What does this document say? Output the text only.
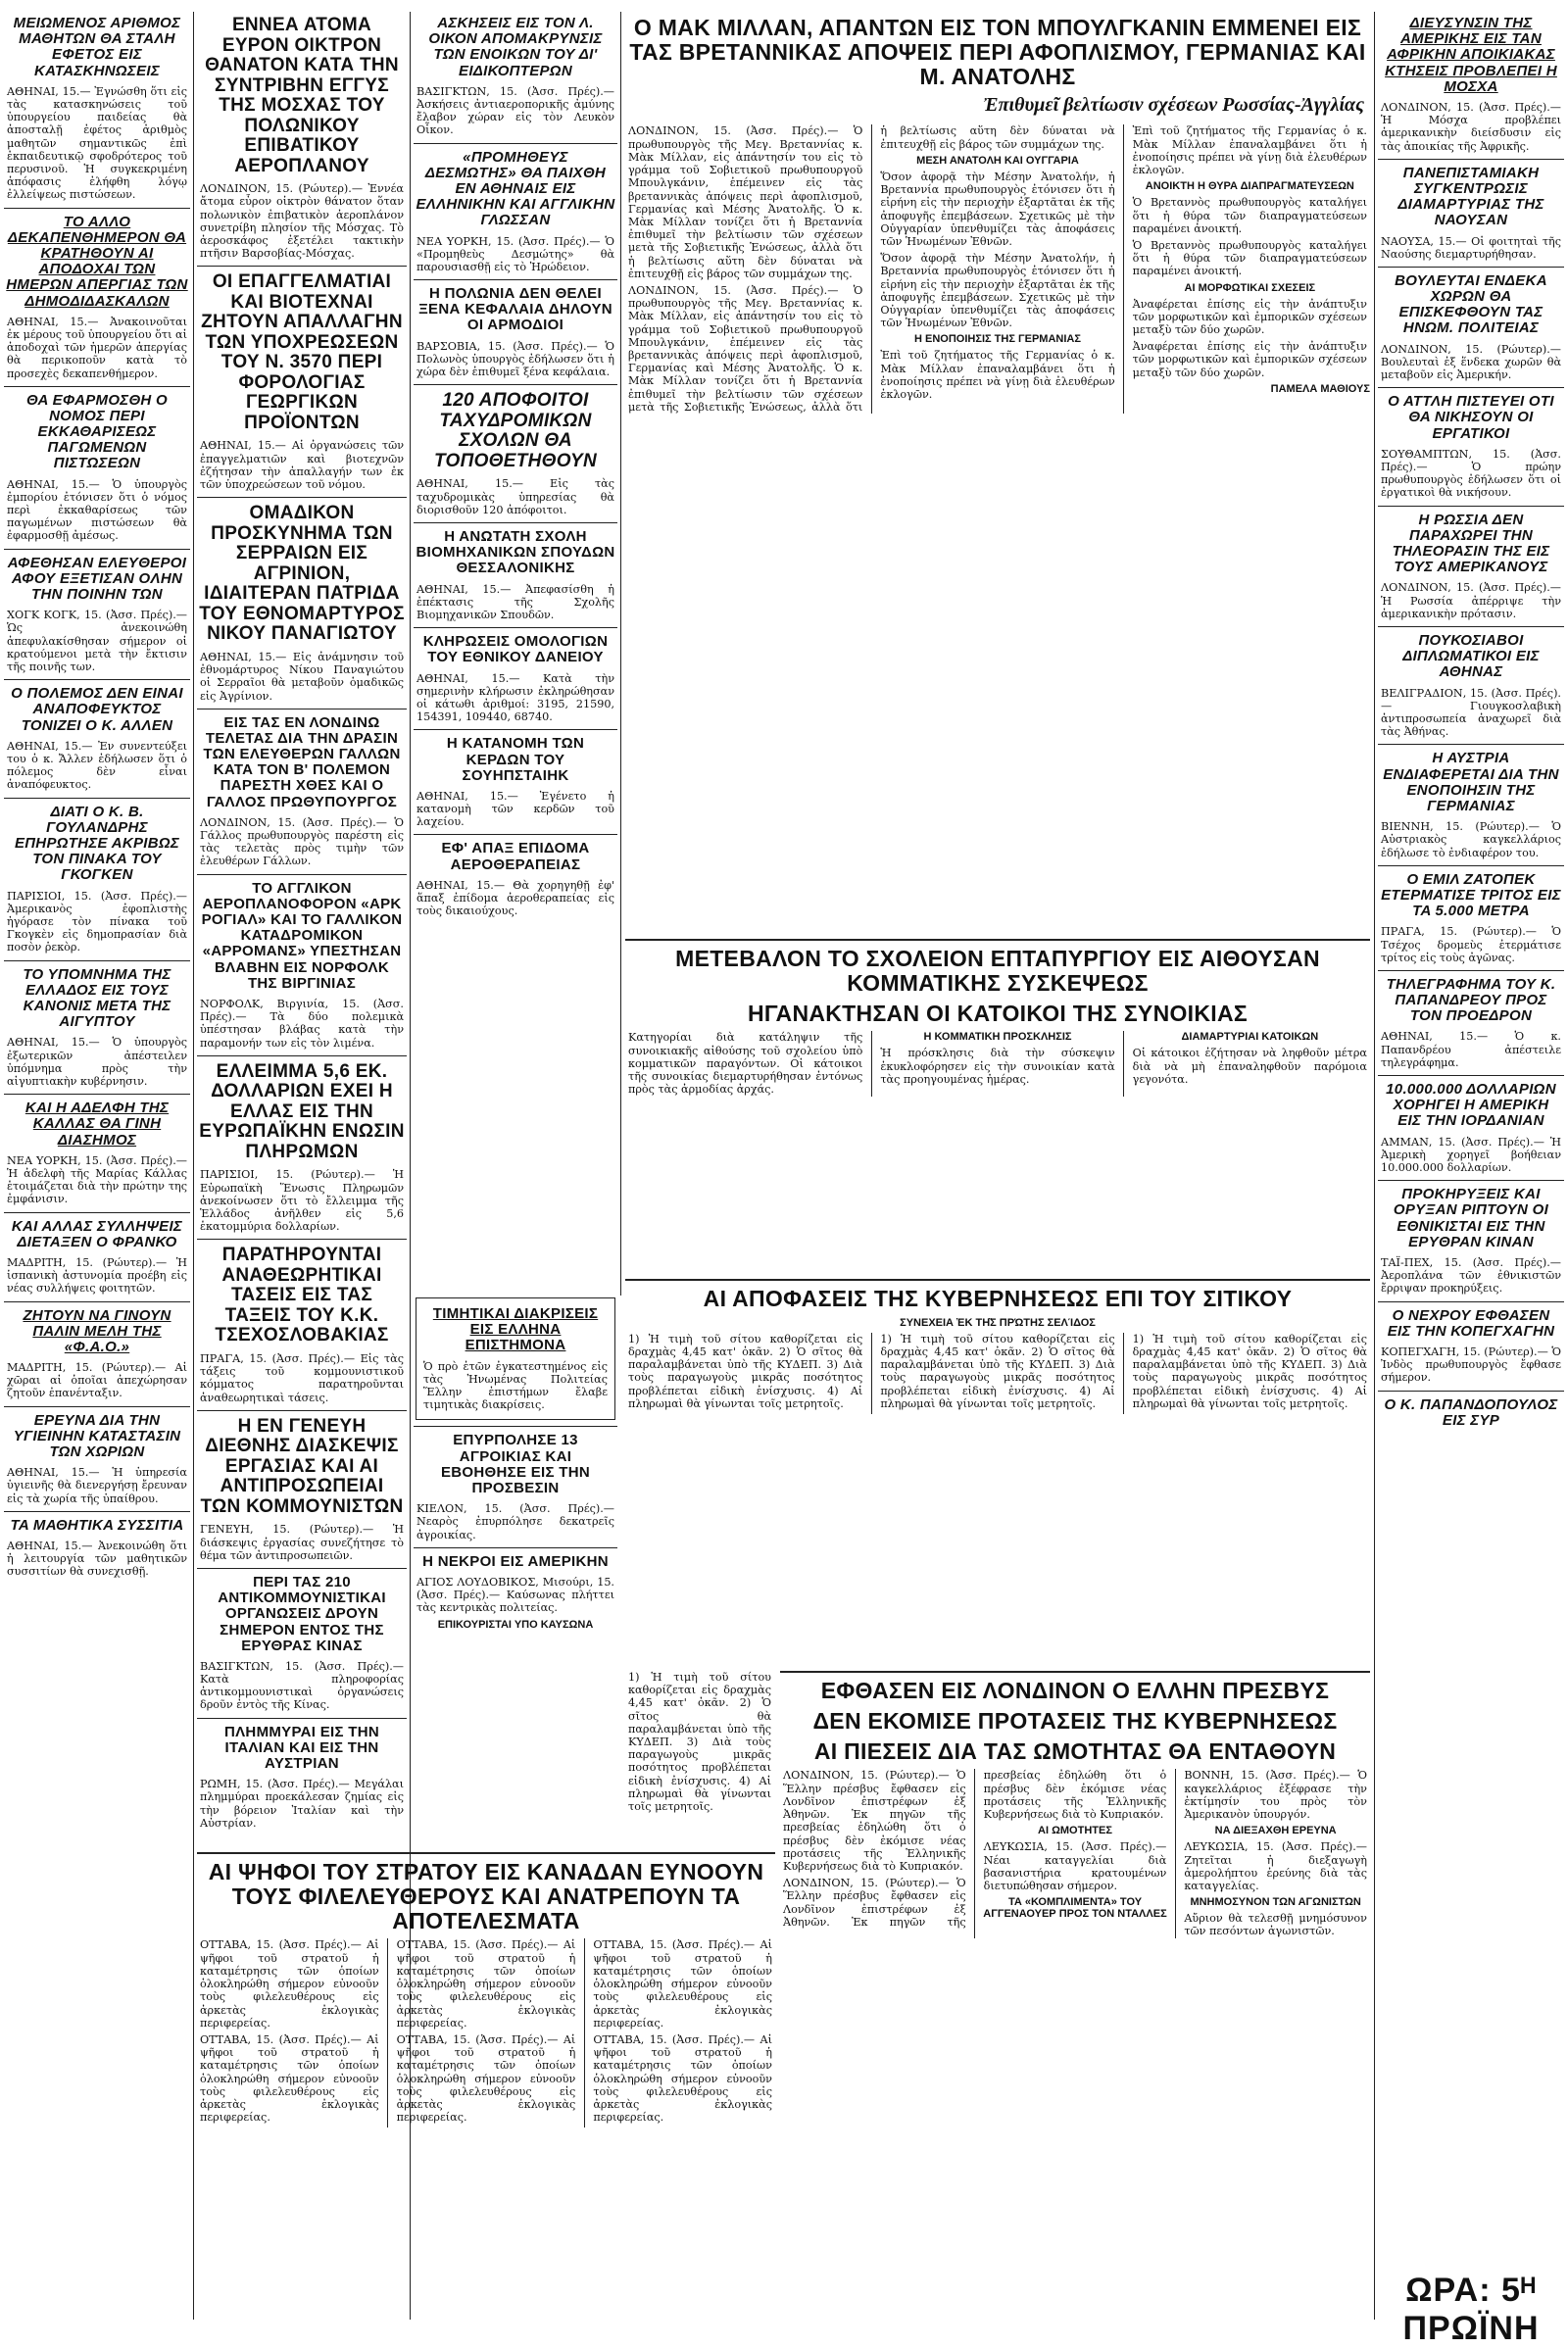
ΜΕΙΩΜΕΝΟΣ ΑΡΙΘΜΟΣ ΜΑΘΗΤΩΝ ΘΑ ΣΤΑΛΗ ΕΦΕΤΟΣ ΕΙΣ ΚΑΤΑΣΚΗΝΩΣΕΙΣ

ΑΘΗΝΑΙ, 15.— Ἐγνώσθη ὅτι εἰς τὰς κατασκηνώσεις τοῦ ὑπουργείου παιδείας θὰ ἀποσταλῇ ἐφέτος ἀριθμὸς μαθητῶν σημαντικῶς ἐπὶ ἐκπαιδευτικῷ σφοδρότερος τοῦ περυσινοῦ. Ἡ συγκεκριμένη ἀπόφασις ἐλήφθη λόγῳ ἐλλείψεως πιστώσεων.

ΤΟ ΑΛΛΟ ΔΕΚΑΠΕΝΘΗΜΕΡΟΝ ΘΑ ΚΡΑΤΗΘΟΥΝ ΑΙ ΑΠΟΔΟΧΑΙ ΤΩΝ ΗΜΕΡΩΝ ΑΠΕΡΓΙΑΣ ΤΩΝ ΔΗΜΟΔΙΔΑΣΚΑΛΩΝ

ΑΘΗΝΑΙ, 15.— Ἀνακοινοῦται ἐκ μέρους τοῦ ὑπουργείου ὅτι αἱ ἀποδοχαὶ τῶν ἡμερῶν ἀπεργίας θὰ περικοποῦν κατὰ τὸ προσεχὲς δεκαπενθήμερον.

ΘΑ ΕΦΑΡΜΟΣΘΗ Ο ΝΟΜΟΣ ΠΕΡΙ ΕΚΚΑΘΑΡΙΣΕΩΣ ΠΑΓΩΜΕΝΩΝ ΠΙΣΤΩΣΕΩΝ

ΑΘΗΝΑΙ, 15.— Ὁ ὑπουργὸς ἐμπορίου ἐτόνισεν ὅτι ὁ νόμος περὶ ἐκκαθαρίσεως τῶν παγωμένων πιστώσεων θὰ ἐφαρμοσθῇ ἀμέσως.

ΑΦΕΘΗΣΑΝ ΕΛΕΥΘΕΡΟΙ ΑΦΟΥ ΕΞΕΤΙΣΑΝ ΟΛΗΝ ΤΗΝ ΠΟΙΝΗΝ ΤΩΝ

ΧΟΓΚ ΚΟΓΚ, 15. (Ἀσσ. Πρές).— Ὡς ἀνεκοινώθη ἀπεφυλακίσθησαν σήμερον οἱ κρατούμενοι μετὰ τὴν ἔκτισιν τῆς ποινῆς των.

Ο ΠΟΛΕΜΟΣ ΔΕΝ ΕΙΝΑΙ ΑΝΑΠΟΦΕΥΚΤΟΣ ΤΟΝΙΖΕΙ Ο Κ. ΑΛΛΕΝ

ΑΘΗΝΑΙ, 15.— Ἐν συνεντεύξει του ὁ κ. Ἄλλεν ἐδήλωσεν ὅτι ὁ πόλεμος δὲν εἶναι ἀναπόφευκτος.

ΔΙΑΤΙ Ο Κ. Β. ΓΟΥΛΑΝΔΡΗΣ ΕΠΗΡΩΤΗΣΕ ΑΚΡΙΒΩΣ ΤΟΝ ΠΙΝΑΚΑ ΤΟΥ ΓΚΟΓΚΕΝ

ΠΑΡΙΣΙΟΙ, 15. (Ἀσσ. Πρές).— Ἀμερικανὸς ἐφοπλιστὴς ἠγόρασε τὸν πίνακα τοῦ Γκογκὲν εἰς δημοπρασίαν διὰ ποσὸν ῥεκὸρ.

ΤΟ ΥΠΟΜΝΗΜΑ ΤΗΣ ΕΛΛΑΔΟΣ ΕΙΣ ΤΟΥΣ ΚΑΝΟΝΙΣ ΜΕΤΑ ΤΗΣ ΑΙΓΥΠΤΟΥ

ΑΘΗΝΑΙ, 15.— Ὁ ὑπουργὸς ἐξωτερικῶν ἀπέστειλεν ὑπόμνημα πρὸς τὴν αἰγυπτιακὴν κυβέρνησιν.

ΚΑΙ Η ΑΔΕΛΦΗ ΤΗΣ ΚΑΛΛΑΣ ΘΑ ΓΙΝΗ ΔΙΑΣΗΜΟΣ

ΝΕΑ ΥΟΡΚΗ, 15. (Ἀσσ. Πρές).— Ἡ ἀδελφὴ τῆς Μαρίας Κάλλας ἑτοιμάζεται διὰ τὴν πρώτην της ἐμφάνισιν.

ΚΑΙ ΑΛΛΑΣ ΣΥΛΛΗΨΕΙΣ ΔΙΕΤΑΞΕΝ Ο ΦΡΑΝΚΟ

ΜΑΔΡΙΤΗ, 15. (Ρώυτερ).— Ἡ ἱσπανικὴ ἀστυνομία προέβη εἰς νέας συλλήψεις φοιτητῶν.

ΖΗΤΟΥΝ ΝΑ ΓΙΝΟΥΝ ΠΑΛΙΝ ΜΕΛΗ ΤΗΣ «Φ.Α.Ο.»

ΜΑΔΡΙΤΗ, 15. (Ρώυτερ).— Αἱ χῶραι αἱ ὁποῖαι ἀπεχώρησαν ζητοῦν ἐπανένταξιν.

ΕΡΕΥΝΑ ΔΙΑ ΤΗΝ ΥΓΙΕΙΝΗΝ ΚΑΤΑΣΤΑΣΙΝ ΤΩΝ ΧΩΡΙΩΝ

ΑΘΗΝΑΙ, 15.— Ἡ ὑπηρεσία ὑγιεινῆς θὰ διενεργήσῃ ἔρευναν εἰς τὰ χωρία τῆς ὑπαίθρου.

ΤΑ ΜΑΘΗΤΙΚΑ ΣΥΣΣΙΤΙΑ

ΑΘΗΝΑΙ, 15.— Ἀνεκοινώθη ὅτι ἡ λειτουργία τῶν μαθητικῶν συσσιτίων θὰ συνεχισθῇ.

ΕΝΝΕΑ ΑΤΟΜΑ ΕΥΡΟΝ ΟΙΚΤΡΟΝ ΘΑΝΑΤΟΝ ΚΑΤΑ ΤΗΝ ΣΥΝΤΡΙΒΗΝ ΕΓΓΥΣ ΤΗΣ ΜΟΣΧΑΣ ΤΟΥ ΠΟΛΩΝΙΚΟΥ ΕΠΙΒΑΤΙΚΟΥ ΑΕΡΟΠΛΑΝΟΥ

ΛΟΝΔΙΝΟΝ, 15. (Ρώυτερ).— Ἐννέα ἄτομα εὗρον οἰκτρὸν θάνατον ὅταν πολωνικὸν ἐπιβατικὸν ἀεροπλάνον συνετρίβη πλησίον τῆς Μόσχας. Τὸ ἀεροσκάφος ἐξετέλει τακτικὴν πτῆσιν Βαρσοβίας-Μόσχας.

ΟΙ ΕΠΑΓΓΕΛΜΑΤΙΑΙ ΚΑΙ ΒΙΟΤΕΧΝΑΙ ΖΗΤΟΥΝ ΑΠΑΛΛΑΓΗΝ ΤΩΝ ΥΠΟΧΡΕΩΣΕΩΝ ΤΟΥ Ν. 3570 ΠΕΡΙ ΦΟΡΟΛΟΓΙΑΣ ΓΕΩΡΓΙΚΩΝ ΠΡΟΪΟΝΤΩΝ

ΑΘΗΝΑΙ, 15.— Αἱ ὀργανώσεις τῶν ἐπαγγελματιῶν καὶ βιοτεχνῶν ἐζήτησαν τὴν ἀπαλλαγήν των ἐκ τῶν ὑποχρεώσεων τοῦ νόμου.

ΟΜΑΔΙΚΟΝ ΠΡΟΣΚΥΝΗΜΑ ΤΩΝ ΣΕΡΡΑΙΩΝ ΕΙΣ ΑΓΡΙΝΙΟΝ, ΙΔΙΑΙΤΕΡΑΝ ΠΑΤΡΙΔΑ ΤΟΥ ΕΘΝΟΜΑΡΤΥΡΟΣ ΝΙΚΟΥ ΠΑΝΑΓΙΩΤΟΥ

ΑΘΗΝΑΙ, 15.— Εἰς ἀνάμνησιν τοῦ ἐθνομάρτυρος Νίκου Παναγιώτου οἱ Σερραῖοι θὰ μεταβοῦν ὁμαδικῶς εἰς Ἀγρίνιον.

ΕΙΣ ΤΑΣ ΕΝ ΛΟΝΔΙΝΩ ΤΕΛΕΤΑΣ ΔΙΑ ΤΗΝ ΔΡΑΣΙΝ ΤΩΝ ΕΛΕΥΘΕΡΩΝ ΓΑΛΛΩΝ ΚΑΤΑ ΤΟΝ Β' ΠΟΛΕΜΟΝ ΠΑΡΕΣΤΗ ΧΘΕΣ ΚΑΙ Ο ΓΑΛΛΟΣ ΠΡΩΘΥΠΟΥΡΓΟΣ

ΛΟΝΔΙΝΟΝ, 15. (Ἀσσ. Πρές).— Ὁ Γάλλος πρωθυπουργὸς παρέστη εἰς τὰς τελετὰς πρὸς τιμὴν τῶν ἐλευθέρων Γάλλων.

ΤΟ ΑΓΓΛΙΚΟΝ ΑΕΡΟΠΛΑΝΟΦΟΡΟΝ «ΑΡΚ ΡΟΓΙΑΛ» ΚΑΙ ΤΟ ΓΑΛΛΙΚΟΝ ΚΑΤΑΔΡΟΜΙΚΟΝ «ΑΡΡΟΜΑΝΣ» ΥΠΕΣΤΗΣΑΝ ΒΛΑΒΗΝ ΕΙΣ ΝΟΡΦΟΛΚ ΤΗΣ ΒΙΡΓΙΝΙΑΣ

ΝΟΡΦΟΛΚ, Βιργινία, 15. (Ἀσσ. Πρές).— Τὰ δύο πολεμικὰ ὑπέστησαν βλάβας κατὰ τὴν παραμονήν των εἰς τὸν λιμένα.

ΕΛΛΕΙΜΜΑ 5,6 ΕΚ. ΔΟΛΛΑΡΙΩΝ ΕΧΕΙ Η ΕΛΛΑΣ ΕΙΣ ΤΗΝ ΕΥΡΩΠΑΪΚΗΝ ΕΝΩΣΙΝ ΠΛΗΡΩΜΩΝ

ΠΑΡΙΣΙΟΙ, 15. (Ρώυτερ).— Ἡ Εὐρωπαϊκὴ Ἕνωσις Πληρωμῶν ἀνεκοίνωσεν ὅτι τὸ ἔλλειμμα τῆς Ἑλλάδος ἀνῆλθεν εἰς 5,6 ἑκατομμύρια δολλαρίων.

ΠΑΡΑΤΗΡΟΥΝΤΑΙ ΑΝΑΘΕΩΡΗΤΙΚΑΙ ΤΑΣΕΙΣ ΕΙΣ ΤΑΣ ΤΑΞΕΙΣ ΤΟΥ Κ.Κ. ΤΣΕΧΟΣΛΟΒΑΚΙΑΣ

ΠΡΑΓΑ, 15. (Ἀσσ. Πρές).— Εἰς τὰς τάξεις τοῦ κομμουνιστικοῦ κόμματος παρατηροῦνται ἀναθεωρητικαὶ τάσεις.

Η ΕΝ ΓΕΝΕΥΗ ΔΙΕΘΝΗΣ ΔΙΑΣΚΕΨΙΣ ΕΡΓΑΣΙΑΣ ΚΑΙ ΑΙ ΑΝΤΙΠΡΟΣΩΠΕΙΑΙ ΤΩΝ ΚΟΜΜΟΥΝΙΣΤΩΝ

ΓΕΝΕΥΗ, 15. (Ρώυτερ).— Ἡ διάσκεψις ἐργασίας συνεζήτησε τὸ θέμα τῶν ἀντιπροσωπειῶν.

ΠΕΡΙ ΤΑΣ 210 ΑΝΤΙΚΟΜΜΟΥΝΙΣΤΙΚΑΙ ΟΡΓΑΝΩΣΕΙΣ ΔΡΟΥΝ ΣΗΜΕΡΟΝ ΕΝΤΟΣ ΤΗΣ ΕΡΥΘΡΑΣ ΚΙΝΑΣ

ΒΑΣΙΓΚΤΩΝ, 15. (Ἀσσ. Πρές).— Κατὰ πληροφορίας ἀντικομμουνιστικαὶ ὀργανώσεις δροῦν ἐντὸς τῆς Κίνας.

ΠΛΗΜΜΥΡΑΙ ΕΙΣ ΤΗΝ ΙΤΑΛΙΑΝ ΚΑΙ ΕΙΣ ΤΗΝ ΑΥΣΤΡΙΑΝ

ΡΩΜΗ, 15. (Ἀσσ. Πρές).— Μεγάλαι πλημμύραι προεκάλεσαν ζημίας εἰς τὴν βόρειον Ἰταλίαν καὶ τὴν Αὐστρίαν.

ΑΣΚΗΣΕΙΣ ΕΙΣ ΤΟΝ Λ. ΟΙΚΟΝ ΑΠΟΜΑΚΡΥΝΣΙΣ ΤΩΝ ΕΝΟΙΚΩΝ ΤΟΥ ΔΙ' ΕΙΔΙΚΟΠΤΕΡΩΝ

ΒΑΣΙΓΚΤΩΝ, 15. (Ἀσσ. Πρές).— Ἀσκήσεις ἀντιαεροπορικῆς ἀμύνης ἔλαβον χώραν εἰς τὸν Λευκὸν Οἶκον.

«ΠΡΟΜΗΘΕΥΣ ΔΕΣΜΩΤΗΣ» ΘΑ ΠΑΙΧΘΗ ΕΝ ΑΘΗΝΑΙΣ ΕΙΣ ΕΛΛΗΝΙΚΗΝ ΚΑΙ ΑΓΓΛΙΚΗΝ ΓΛΩΣΣΑΝ

ΝΕΑ ΥΟΡΚΗ, 15. (Ἀσσ. Πρές).— Ὁ «Προμηθεὺς Δεσμώτης» θὰ παρουσιασθῇ εἰς τὸ Ἡρώδειον.

Η ΠΟΛΩΝΙΑ ΔΕΝ ΘΕΛΕΙ ΞΕΝΑ ΚΕΦΑΛΑΙΑ ΔΗΛΟΥΝ ΟΙ ΑΡΜΟΔΙΟΙ

ΒΑΡΣΟΒΙΑ, 15. (Ἀσσ. Πρές).— Ὁ Πολωνὸς ὑπουργὸς ἐδήλωσεν ὅτι ἡ χώρα δὲν ἐπιθυμεῖ ξένα κεφάλαια.

120 ΑΠΟΦΟΙΤΟΙ ΤΑΧΥΔΡΟΜΙΚΩΝ ΣΧΟΛΩΝ ΘΑ ΤΟΠΟΘΕΤΗΘΟΥΝ

ΑΘΗΝΑΙ, 15.— Εἰς τὰς ταχυδρομικὰς ὑπηρεσίας θὰ διορισθοῦν 120 ἀπόφοιτοι.

Η ΑΝΩΤΑΤΗ ΣΧΟΛΗ ΒΙΟΜΗΧΑΝΙΚΩΝ ΣΠΟΥΔΩΝ ΘΕΣΣΑΛΟΝΙΚΗΣ

ΑΘΗΝΑΙ, 15.— Ἀπεφασίσθη ἡ ἐπέκτασις τῆς Σχολῆς Βιομηχανικῶν Σπουδῶν.

ΚΛΗΡΩΣΕΙΣ ΟΜΟΛΟΓΙΩΝ ΤΟΥ ΕΘΝΙΚΟΥ ΔΑΝΕΙΟΥ

ΑΘΗΝΑΙ, 15.— Κατὰ τὴν σημερινὴν κλήρωσιν ἐκληρώθησαν οἱ κάτωθι ἀριθμοί: 3195, 21590, 154391, 109440, 68740.

Η ΚΑΤΑΝΟΜΗ ΤΩΝ ΚΕΡΔΩΝ ΤΟΥ ΣΟΥΗΠΣΤΑΙΗΚ

ΑΘΗΝΑΙ, 15.— Ἐγένετο ἡ κατανομὴ τῶν κερδῶν τοῦ λαχείου.

ΕΦ' ΑΠΑΞ ΕΠΙΔΟΜΑ ΑΕΡΟΘΕΡΑΠΕΙΑΣ

ΑΘΗΝΑΙ, 15.— Θὰ χορηγηθῇ ἐφ' ἅπαξ ἐπίδομα ἀεροθεραπείας εἰς τοὺς δικαιούχους.

ΤΙΜΗΤΙΚΑΙ ΔΙΑΚΡΙΣΕΙΣ ΕΙΣ ΕΛΛΗΝΑ ΕΠΙΣΤΗΜΟΝΑ

Ὁ πρὸ ἐτῶν ἐγκατεστημένος εἰς τὰς Ἡνωμένας Πολιτείας Ἕλλην ἐπιστήμων ἔλαβε τιμητικὰς διακρίσεις.

ΕΠΥΡΠΟΛΗΣΕ 13 ΑΓΡΟΙΚΙΑΣ ΚΑΙ ΕΒΟΗΘΗΣΕ ΕΙΣ ΤΗΝ ΠΡΟΣΒΕΣΙΝ

ΚΙΕΛΟΝ, 15. (Ἀσσ. Πρές).— Νεαρὸς ἐπυρπόλησε δεκατρεῖς ἀγροικίας.

Η ΝΕΚΡΟΙ ΕΙΣ ΑΜΕΡΙΚΗΝ

ΑΓΙΟΣ ΛΟΥΔΟΒΙΚΟΣ, Μισούρι, 15. (Ἀσσ. Πρές).— Καύσωνας πλήττει τὰς κεντρικὰς πολιτείας.

ΕΠΙΚΟΥΡΙΣΤΑΙ ΥΠΟ ΚΑΥΣΩΝΑ
Ο ΜΑΚ ΜΙΛΛΑΝ, ΑΠΑΝΤΩΝ ΕΙΣ ΤΟΝ ΜΠΟΥΛΓΚΑΝΙΝ ΕΜΜΕΝΕΙ ΕΙΣ ΤΑΣ ΒΡΕΤΑΝΝΙΚΑΣ ΑΠΟΨΕΙΣ ΠΕΡΙ ΑΦΟΠΛΙΣΜΟΥ, ΓΕΡΜΑΝΙΑΣ ΚΑΙ Μ. ΑΝΑΤΟΛΗΣ
Ἐπιθυμεῖ βελτίωσιν σχέσεων Ρωσσίας-Ἀγγλίας

ΛΟΝΔΙΝΟΝ, 15. (Ἀσσ. Πρές).— Ὁ πρωθυπουργὸς τῆς Μεγ. Βρεταννίας κ. Μὰκ Μίλλαν, εἰς ἀπάντησίν του εἰς τὸ γράμμα τοῦ Σοβιετικοῦ πρωθυπουργοῦ Μπουλγκάνιν, ἐπέμεινεν εἰς τὰς βρεταννικὰς ἀπόψεις περὶ ἀφοπλισμοῦ, Γερμανίας καὶ Μέσης Ἀνατολῆς. Ὁ κ. Μὰκ Μίλλαν τονίζει ὅτι ἡ Βρεταννία ἐπιθυμεῖ τὴν βελτίωσιν τῶν σχέσεων μετὰ τῆς Σοβιετικῆς Ἑνώσεως, ἀλλὰ ὅτι ἡ βελτίωσις αὕτη δὲν δύναται νὰ ἐπιτευχθῇ εἰς βάρος τῶν συμμάχων της.

ΛΟΝΔΙΝΟΝ, 15. (Ἀσσ. Πρές).— Ὁ πρωθυπουργὸς τῆς Μεγ. Βρεταννίας κ. Μὰκ Μίλλαν, εἰς ἀπάντησίν του εἰς τὸ γράμμα τοῦ Σοβιετικοῦ πρωθυπουργοῦ Μπουλγκάνιν, ἐπέμεινεν εἰς τὰς βρεταννικὰς ἀπόψεις περὶ ἀφοπλισμοῦ, Γερμανίας καὶ Μέσης Ἀνατολῆς. Ὁ κ. Μὰκ Μίλλαν τονίζει ὅτι ἡ Βρεταννία ἐπιθυμεῖ τὴν βελτίωσιν τῶν σχέσεων μετὰ τῆς Σοβιετικῆς Ἑνώσεως, ἀλλὰ ὅτι ἡ βελτίωσις αὕτη δὲν δύναται νὰ ἐπιτευχθῇ εἰς βάρος τῶν συμμάχων της.

ΜΕΣΗ ΑΝΑΤΟΛΗ ΚΑΙ ΟΥΓΓΑΡΙΑ

Ὅσον ἀφορᾷ τὴν Μέσην Ἀνατολήν, ἡ Βρεταννία πρωθυπουργὸς ἐτόνισεν ὅτι ἡ εἰρήνη εἰς τὴν περιοχὴν ἐξαρτᾶται ἐκ τῆς ἀποφυγῆς ἐπεμβάσεων. Σχετικῶς μὲ τὴν Οὐγγαρίαν ὑπενθυμίζει τὰς ἀποφάσεις τῶν Ἡνωμένων Ἐθνῶν.

Ὅσον ἀφορᾷ τὴν Μέσην Ἀνατολήν, ἡ Βρεταννία πρωθυπουργὸς ἐτόνισεν ὅτι ἡ εἰρήνη εἰς τὴν περιοχὴν ἐξαρτᾶται ἐκ τῆς ἀποφυγῆς ἐπεμβάσεων. Σχετικῶς μὲ τὴν Οὐγγαρίαν ὑπενθυμίζει τὰς ἀποφάσεις τῶν Ἡνωμένων Ἐθνῶν.

Η ΕΝΟΠΟΙΗΣΙΣ ΤΗΣ ΓΕΡΜΑΝΙΑΣ

Ἐπὶ τοῦ ζητήματος τῆς Γερμανίας ὁ κ. Μὰκ Μίλλαν ἐπαναλαμβάνει ὅτι ἡ ἐνοποίησις πρέπει νὰ γίνῃ διὰ ἐλευθέρων ἐκλογῶν.

Ἐπὶ τοῦ ζητήματος τῆς Γερμανίας ὁ κ. Μὰκ Μίλλαν ἐπαναλαμβάνει ὅτι ἡ ἐνοποίησις πρέπει νὰ γίνῃ διὰ ἐλευθέρων ἐκλογῶν.

ΑΝΟΙΚΤΗ Η ΘΥΡΑ ΔΙΑΠΡΑΓΜΑΤΕΥΣΕΩΝ

Ὁ Βρεταννὸς πρωθυπουργὸς καταλήγει ὅτι ἡ θύρα τῶν διαπραγματεύσεων παραμένει ἀνοικτή.

Ὁ Βρεταννὸς πρωθυπουργὸς καταλήγει ὅτι ἡ θύρα τῶν διαπραγματεύσεων παραμένει ἀνοικτή.

ΑΙ ΜΟΡΦΩΤΙΚΑΙ ΣΧΕΣΕΙΣ

Ἀναφέρεται ἐπίσης εἰς τὴν ἀνάπτυξιν τῶν μορφωτικῶν καὶ ἐμπορικῶν σχέσεων μεταξὺ τῶν δύο χωρῶν.

Ἀναφέρεται ἐπίσης εἰς τὴν ἀνάπτυξιν τῶν μορφωτικῶν καὶ ἐμπορικῶν σχέσεων μεταξὺ τῶν δύο χωρῶν.

ΠΑΜΕΛΑ ΜΑΘΙΟΥΣ
ΜΕΤΕΒΑΛΟΝ ΤΟ ΣΧΟΛΕΙΟΝ ΕΠΤΑΠΥΡΓΙΟΥ ΕΙΣ ΑΙΘΟΥΣΑΝ ΚΟΜΜΑΤΙΚΗΣ ΣΥΣΚΕΨΕΩΣ
ΗΓΑΝΑΚΤΗΣΑΝ ΟΙ ΚΑΤΟΙΚΟΙ ΤΗΣ ΣΥΝΟΙΚΙΑΣ

Κατηγορίαι διὰ κατάληψιν τῆς συνοικιακῆς αἰθούσης τοῦ σχολείου ὑπὸ κομματικῶν παραγόντων. Οἱ κάτοικοι τῆς συνοικίας διεμαρτυρήθησαν ἐντόνως πρὸς τὰς ἀρμοδίας ἀρχάς.

Η ΚΟΜΜΑΤΙΚΗ ΠΡΟΣΚΛΗΣΙΣ

Ἡ πρόσκλησις διὰ τὴν σύσκεψιν ἐκυκλοφόρησεν εἰς τὴν συνοικίαν κατὰ τὰς προηγουμένας ἡμέρας.

ΔΙΑΜΑΡΤΥΡΙΑΙ ΚΑΤΟΙΚΩΝ

Οἱ κάτοικοι ἐζήτησαν νὰ ληφθοῦν μέτρα διὰ νὰ μὴ ἐπαναληφθοῦν παρόμοια γεγονότα.

ΑΙ ΑΠΟΦΑΣΕΙΣ ΤΗΣ ΚΥΒΕΡΝΗΣΕΩΣ ΕΠΙ ΤΟΥ ΣΙΤΙΚΟΥ
ΣΥΝΕΧΕΙΑ ἘΚ ΤΗ͂Σ ΠΡΏΤΗΣ ΣΕΛΊΔΟΣ

1) Ἡ τιμὴ τοῦ σίτου καθορίζεται εἰς δραχμὰς 4,45 κατ' ὀκᾶν. 2) Ὁ σῖτος θὰ παραλαμβάνεται ὑπὸ τῆς ΚΥΔΕΠ. 3) Διὰ τοὺς παραγωγοὺς μικρᾶς ποσότητος προβλέπεται εἰδικὴ ἐνίσχυσις. 4) Αἱ πληρωμαὶ θὰ γίνωνται τοῖς μετρητοῖς.

1) Ἡ τιμὴ τοῦ σίτου καθορίζεται εἰς δραχμὰς 4,45 κατ' ὀκᾶν. 2) Ὁ σῖτος θὰ παραλαμβάνεται ὑπὸ τῆς ΚΥΔΕΠ. 3) Διὰ τοὺς παραγωγοὺς μικρᾶς ποσότητος προβλέπεται εἰδικὴ ἐνίσχυσις. 4) Αἱ πληρωμαὶ θὰ γίνωνται τοῖς μετρητοῖς.

1) Ἡ τιμὴ τοῦ σίτου καθορίζεται εἰς δραχμὰς 4,45 κατ' ὀκᾶν. 2) Ὁ σῖτος θὰ παραλαμβάνεται ὑπὸ τῆς ΚΥΔΕΠ. 3) Διὰ τοὺς παραγωγοὺς μικρᾶς ποσότητος προβλέπεται εἰδικὴ ἐνίσχυσις. 4) Αἱ πληρωμαὶ θὰ γίνωνται τοῖς μετρητοῖς.

ΕΦΘΑΣΕΝ ΕΙΣ ΛΟΝΔΙΝΟΝ Ο ΕΛΛΗΝ ΠΡΕΣΒΥΣ
ΔΕΝ ΕΚΟΜΙΣΕ ΠΡΟΤΑΣΕΙΣ ΤΗΣ ΚΥΒΕΡΝΗΣΕΩΣ
ΑΙ ΠΙΕΣΕΙΣ ΔΙΑ ΤΑΣ ΩΜΟΤΗΤΑΣ ΘΑ ΕΝΤΑΘΟΥΝ

ΛΟΝΔΙΝΟΝ, 15. (Ρώυτερ).— Ὁ Ἕλλην πρέσβυς ἔφθασεν εἰς Λονδῖνον ἐπιστρέφων ἐξ Ἀθηνῶν. Ἐκ πηγῶν τῆς πρεσβείας ἐδηλώθη ὅτι ὁ πρέσβυς δὲν ἐκόμισε νέας προτάσεις τῆς Ἑλληνικῆς Κυβερνήσεως διὰ τὸ Κυπριακόν.

ΛΟΝΔΙΝΟΝ, 15. (Ρώυτερ).— Ὁ Ἕλλην πρέσβυς ἔφθασεν εἰς Λονδῖνον ἐπιστρέφων ἐξ Ἀθηνῶν. Ἐκ πηγῶν τῆς πρεσβείας ἐδηλώθη ὅτι ὁ πρέσβυς δὲν ἐκόμισε νέας προτάσεις τῆς Ἑλληνικῆς Κυβερνήσεως διὰ τὸ Κυπριακόν.

ΑΙ ΩΜΟΤΗΤΕΣ

ΛΕΥΚΩΣΙΑ, 15. (Ἀσσ. Πρές).— Νέαι καταγγελίαι διὰ βασανιστήρια κρατουμένων διετυπώθησαν σήμερον.

ΤΑ «ΚΟΜΠΛΙΜΕΝΤΑ» ΤΟΥ ΑΓΓΕΝΑΟΥΕΡ ΠΡΟΣ ΤΟΝ ΝΤΑΛΛΕΣ

ΒΟΝΝΗ, 15. (Ἀσσ. Πρές).— Ὁ καγκελλάριος ἐξέφρασε τὴν ἐκτίμησίν του πρὸς τὸν Ἀμερικανὸν ὑπουργόν.

ΝΑ ΔΙΕΞΑΧΘΗ ΕΡΕΥΝΑ

ΛΕΥΚΩΣΙΑ, 15. (Ἀσσ. Πρές).— Ζητεῖται ἡ διεξαγωγὴ ἀμερολήπτου ἐρεύνης διὰ τὰς καταγγελίας.

ΜΝΗΜΟΣΥΝΟΝ ΤΩΝ ΑΓΩΝΙΣΤΩΝ

Αὔριον θὰ τελεσθῇ μνημόσυνον τῶν πεσόντων ἀγωνιστῶν.

ΑΙ ΨΗΦΟΙ ΤΟΥ ΣΤΡΑΤΟΥ ΕΙΣ ΚΑΝΑΔΑΝ ΕΥΝΟΟΥΝ ΤΟΥΣ ΦΙΛΕΛΕΥΘΕΡΟΥΣ ΚΑΙ ΑΝΑΤΡΕΠΟΥΝ ΤΑ ΑΠΟΤΕΛΕΣΜΑΤΑ

ΟΤΤΑΒΑ, 15. (Ἀσσ. Πρές).— Αἱ ψῆφοι τοῦ στρατοῦ ἡ καταμέτρησις τῶν ὁποίων ὁλοκληρώθη σήμερον εὐνοοῦν τοὺς φιλελευθέρους εἰς ἀρκετὰς ἐκλογικὰς περιφερείας.

ΟΤΤΑΒΑ, 15. (Ἀσσ. Πρές).— Αἱ ψῆφοι τοῦ στρατοῦ ἡ καταμέτρησις τῶν ὁποίων ὁλοκληρώθη σήμερον εὐνοοῦν τοὺς φιλελευθέρους εἰς ἀρκετὰς ἐκλογικὰς περιφερείας.

ΟΤΤΑΒΑ, 15. (Ἀσσ. Πρές).— Αἱ ψῆφοι τοῦ στρατοῦ ἡ καταμέτρησις τῶν ὁποίων ὁλοκληρώθη σήμερον εὐνοοῦν τοὺς φιλελευθέρους εἰς ἀρκετὰς ἐκλογικὰς περιφερείας.

ΟΤΤΑΒΑ, 15. (Ἀσσ. Πρές).— Αἱ ψῆφοι τοῦ στρατοῦ ἡ καταμέτρησις τῶν ὁποίων ὁλοκληρώθη σήμερον εὐνοοῦν τοὺς φιλελευθέρους εἰς ἀρκετὰς ἐκλογικὰς περιφερείας.

ΟΤΤΑΒΑ, 15. (Ἀσσ. Πρές).— Αἱ ψῆφοι τοῦ στρατοῦ ἡ καταμέτρησις τῶν ὁποίων ὁλοκληρώθη σήμερον εὐνοοῦν τοὺς φιλελευθέρους εἰς ἀρκετὰς ἐκλογικὰς περιφερείας.

ΟΤΤΑΒΑ, 15. (Ἀσσ. Πρές).— Αἱ ψῆφοι τοῦ στρατοῦ ἡ καταμέτρησις τῶν ὁποίων ὁλοκληρώθη σήμερον εὐνοοῦν τοὺς φιλελευθέρους εἰς ἀρκετὰς ἐκλογικὰς περιφερείας.

1) Ἡ τιμὴ τοῦ σίτου καθορίζεται εἰς δραχμὰς 4,45 κατ' ὀκᾶν. 2) Ὁ σῖτος θὰ παραλαμβάνεται ὑπὸ τῆς ΚΥΔΕΠ. 3) Διὰ τοὺς παραγωγοὺς μικρᾶς ποσότητος προβλέπεται εἰδικὴ ἐνίσχυσις. 4) Αἱ πληρωμαὶ θὰ γίνωνται τοῖς μετρητοῖς.

ΔΙΕΥΣΥΝΣΙΝ ΤΗΣ ΑΜΕΡΙΚΗΣ ΕΙΣ ΤΑΝ ΑΦΡΙΚΗΝ ΑΠΟΙΚΙΑΚΑΣ ΚΤΗΣΕΙΣ ΠΡΟΒΛΕΠΕΙ Η ΜΟΣΧΑ

ΛΟΝΔΙΝΟΝ, 15. (Ἀσσ. Πρές).— Ἡ Μόσχα προβλέπει ἀμερικανικὴν διείσδυσιν εἰς τὰς ἀποικίας τῆς Ἀφρικῆς.

ΠΑΝΕΠΙΣΤΑΜΙΑΚΗ ΣΥΓΚΕΝΤΡΩΣΙΣ ΔΙΑΜΑΡΤΥΡΙΑΣ ΤΗΣ ΝΑΟΥΣΑΝ

ΝΑΟΥΣΑ, 15.— Οἱ φοιτηταὶ τῆς Ναούσης διεμαρτυρήθησαν.

ΒΟΥΛΕΥΤΑΙ ΕΝΔΕΚΑ ΧΩΡΩΝ ΘΑ ΕΠΙΣΚΕΦΘΟΥΝ ΤΑΣ ΗΝΩΜ. ΠΟΛΙΤΕΙΑΣ

ΛΟΝΔΙΝΟΝ, 15. (Ρώυτερ).— Βουλευταὶ ἐξ ἕνδεκα χωρῶν θὰ μεταβοῦν εἰς Ἀμερικήν.

Ο ΑΤΤΛΗ ΠΙΣΤΕΥΕΙ ΟΤΙ ΘΑ ΝΙΚΗΣΟΥΝ ΟΙ ΕΡΓΑΤΙΚΟΙ

ΣΟΥΘΑΜΠΤΩΝ, 15. (Ἀσσ. Πρές).— Ὁ πρώην πρωθυπουργὸς ἐδήλωσεν ὅτι οἱ ἐργατικοὶ θὰ νικήσουν.

Η ΡΩΣΣΙΑ ΔΕΝ ΠΑΡΑΧΩΡΕΙ ΤΗΝ ΤΗΛΕΟΡΑΣΙΝ ΤΗΣ ΕΙΣ ΤΟΥΣ ΑΜΕΡΙΚΑΝΟΥΣ

ΛΟΝΔΙΝΟΝ, 15. (Ἀσσ. Πρές).— Ἡ Ρωσσία ἀπέρριψε τὴν ἀμερικανικὴν πρότασιν.

ΠΟΥΚΟΣΙΑΒΟΙ ΔΙΠΛΩΜΑΤΙΚΟΙ ΕΙΣ ΑΘΗΝΑΣ

ΒΕΛΙΓΡΑΔΙΟΝ, 15. (Ἀσσ. Πρές).— Γιουγκοσλαβικὴ ἀντιπροσωπεία ἀναχωρεῖ διὰ τὰς Ἀθήνας.

Η ΑΥΣΤΡΙΑ ΕΝΔΙΑΦΕΡΕΤΑΙ ΔΙΑ ΤΗΝ ΕΝΟΠΟΙΗΣΙΝ ΤΗΣ ΓΕΡΜΑΝΙΑΣ

ΒΙΕΝΝΗ, 15. (Ρώυτερ).— Ὁ Αὐστριακὸς καγκελλάριος ἐδήλωσε τὸ ἐνδιαφέρον του.

Ο ΕΜΙΛ ΖΑΤΟΠΕΚ ΕΤΕΡΜΑΤΙΣΕ ΤΡΙΤΟΣ ΕΙΣ ΤΑ 5.000 ΜΕΤΡΑ

ΠΡΑΓΑ, 15. (Ρώυτερ).— Ὁ Τσέχος δρομεὺς ἐτερμάτισε τρίτος εἰς τοὺς ἀγῶνας.

ΤΗΛΕΓΡΑΦΗΜΑ ΤΟΥ Κ. ΠΑΠΑΝΔΡΕΟΥ ΠΡΟΣ ΤΟΝ ΠΡΟΕΔΡΟΝ

ΑΘΗΝΑΙ, 15.— Ὁ κ. Παπανδρέου ἀπέστειλε τηλεγράφημα.

10.000.000 ΔΟΛΛΑΡΙΩΝ ΧΟΡΗΓΕΙ Η ΑΜΕΡΙΚΗ ΕΙΣ ΤΗΝ ΙΟΡΔΑΝΙΑΝ

ΑΜΜΑΝ, 15. (Ἀσσ. Πρές).— Ἡ Ἀμερικὴ χορηγεῖ βοήθειαν 10.000.000 δολλαρίων.

ΠΡΟΚΗΡΥΞΕΙΣ ΚΑΙ ΟΡΥΞΑΝ ΡΙΠΤΟΥΝ ΟΙ ΕΘΝΙΚΙΣΤΑΙ ΕΙΣ ΤΗΝ ΕΡΥΘΡΑΝ ΚΙΝΑΝ

ΤΑΪ-ΠΕΧ, 15. (Ἀσσ. Πρές).— Ἀεροπλάνα τῶν ἐθνικιστῶν ἔρριψαν προκηρύξεις.

Ο ΝΕΧΡΟΥ ΕΦΘΑΣΕΝ ΕΙΣ ΤΗΝ ΚΟΠΕΓΧΑΓΗΝ

ΚΟΠΕΓΧΑΓΗ, 15. (Ρώυτερ).— Ὁ Ἰνδὸς πρωθυπουργὸς ἔφθασε σήμερον.

Ο Κ. ΠΑΠΑΝΔΟΠΟΥΛΟΣ ΕΙΣ ΣΥΡ
ΩΡΑ: 5ᴴ ΠΡΩΪΝΗ
